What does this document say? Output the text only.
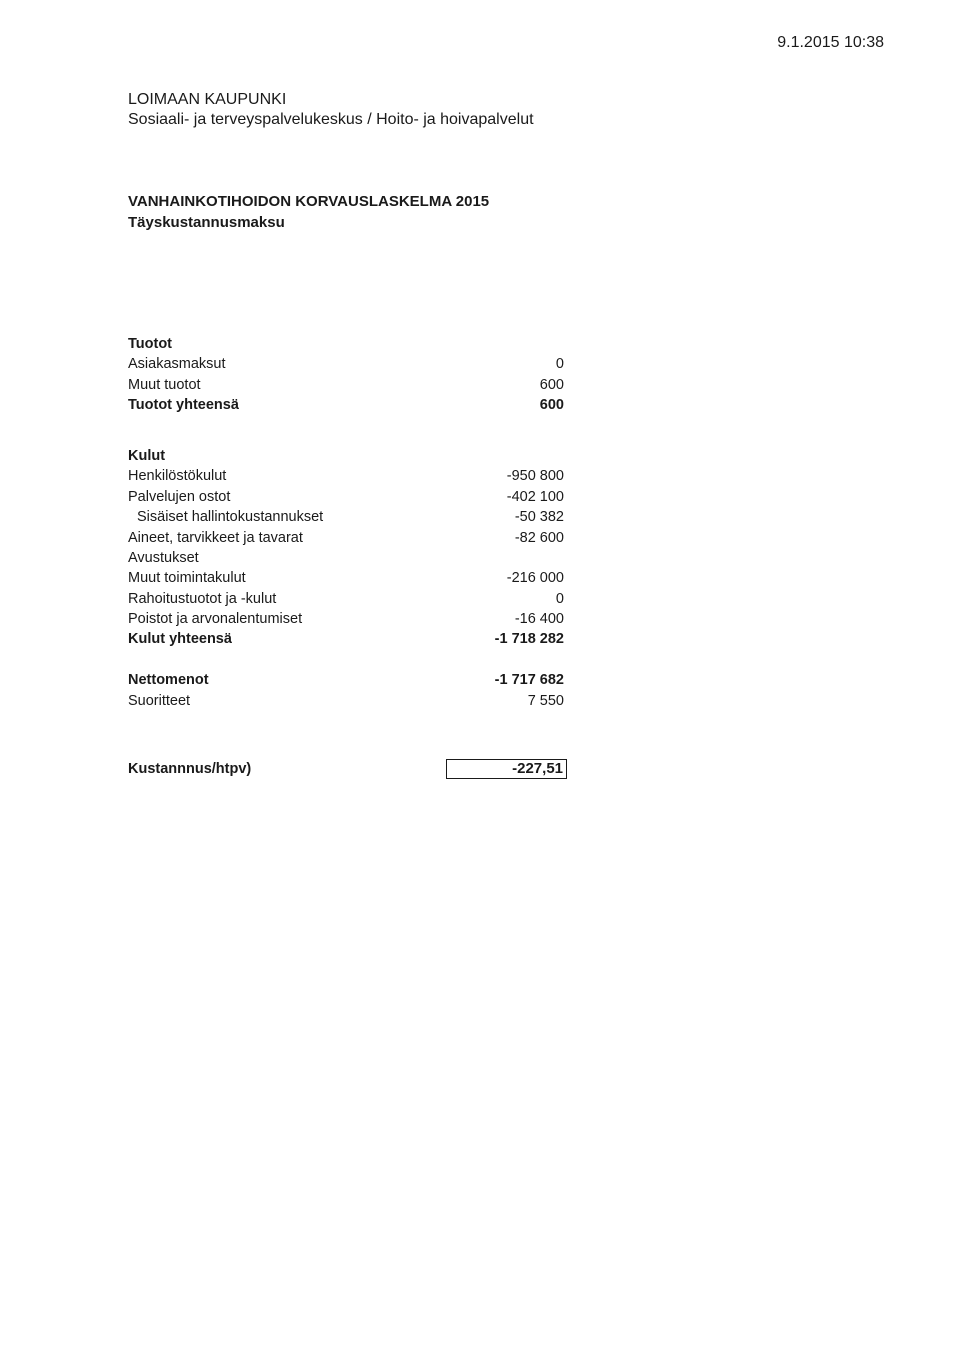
9.1.2015 10:38
LOIMAAN KAUPUNKI
Sosiaali- ja terveyspalvelukeskus / Hoito- ja hoivapalvelut
VANHAINKOTIHOIDON KORVAUSLASKELMA 2015
Täyskustannusmaksu
Tuotot
Asiakasmaksut	0
Muut tuotot	600
Tuotot yhteensä	600
Kulut
Henkilöstökulut	-950 800
Palvelujen ostot	-402 100
Sisäiset hallintokustannukset	-50 382
Aineet, tarvikkeet ja tavarat	-82 600
Avustukset
Muut toimintakulut	-216 000
Rahoitustuotot ja -kulut	0
Poistot ja arvonalentumiset	-16 400
Kulut yhteensä	-1 718 282
Nettomenot	-1 717 682
Suoritteet	7 550
Kustannnus/htpv)	-227,51
